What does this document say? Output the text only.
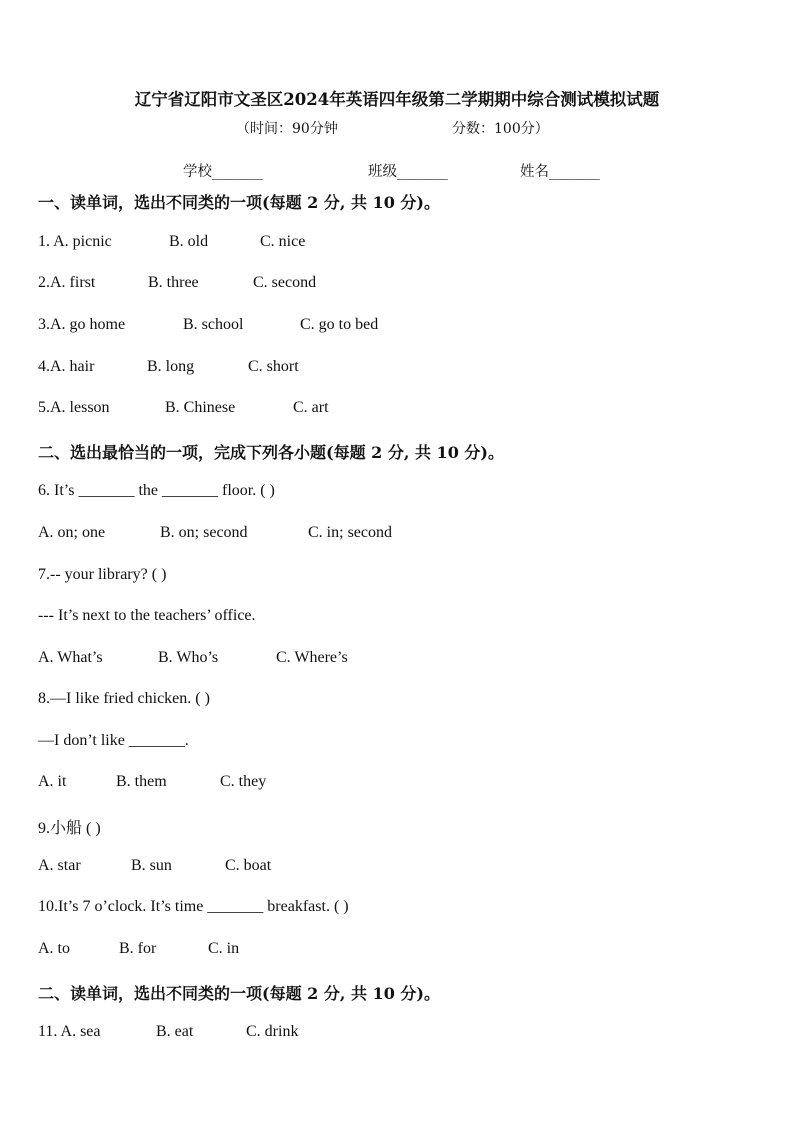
辽宁省辽阳市文圣区2024年英语四年级第二学期期中综合测试模拟试题
（时间：90分钟	分数：100分）
学校_______	班级_______	姓名_______
一、读单词，选出不同类的一项(每题 2 分, 共 10 分)。
1. A. picnic	B. old	C. nice
2.A. first	B. three	C. second
3.A. go home	B. school	C. go to bed
4.A. hair	B. long	C. short
5.A. lesson	B. Chinese	C. art
二、选出最恰当的一项，完成下列各小题(每题 2 分, 共 10 分)。
6. It’s _______ the _______ floor. ( )
A. on; one	B. on; second	C. in; second
7.-- your library? ( )
--- It’s next to the teachers’ office.
A. What’s	B. Who’s	C. Where’s
8.—I like fried chicken. ( )
—I don’t like _______.
A. it	B. them	C. they
9.小船 ( )
A. star	B. sun	C. boat
10.It’s 7 o’clock. It’s time _______ breakfast. ( )
A. to	B. for	C. in
二、读单词，选出不同类的一项(每题 2 分, 共 10 分)。
11. A. sea	B. eat	C. drink
